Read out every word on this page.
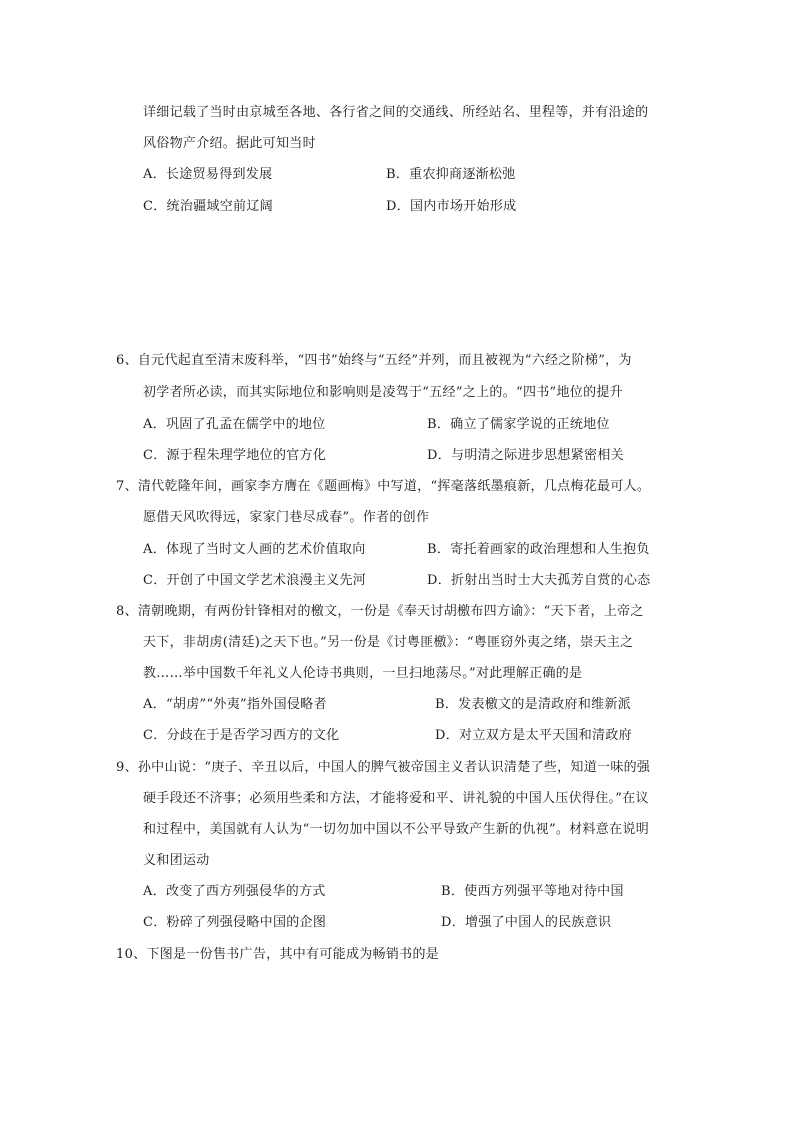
详细记载了当时由京城至各地、各行省之间的交通线、所经站名、里程等，并有沿途的
风俗物产介绍。据此可知当时
A．长途贸易得到发展	B．重农抑商逐渐松弛
C．统治疆域空前辽阔	D．国内市场开始形成
6、自元代起直至清末废科举，“四书”始终与“五经”并列，而且被视为“六经之阶梯”，为
初学者所必读，而其实际地位和影响则是凌驾于“五经”之上的。“四书”地位的提升
A．巩固了孔孟在儒学中的地位	B．确立了儒家学说的正统地位
C．源于程朱理学地位的官方化	D．与明清之际进步思想紧密相关
7、清代乾隆年间，画家李方膺在《题画梅》中写道，“挥毫落纸墨痕新，几点梅花最可人。
愿借天风吹得远，家家门巷尽成春”。作者的创作
A．体现了当时文人画的艺术价值取向	B．寄托着画家的政治理想和人生抱负
C．开创了中国文学艺术浪漫主义先河	D．折射出当时士大夫孤芳自赏的心态
8、清朝晚期，有两份针锋相对的檄文，一份是《奉天讨胡檄布四方谕》：“天下者，上帝之
天下，非胡虏(清廷)之天下也。”另一份是《讨粤匪檄》：“粤匪窃外夷之绪，崇天主之
教……举中国数千年礼义人伦诗书典则，一旦扫地荡尽。”对此理解正确的是
A．“胡虏”“外夷”指外国侵略者	B．发表檄文的是清政府和维新派
C．分歧在于是否学习西方的文化	D．对立双方是太平天国和清政府
9、孙中山说：“庚子、辛丑以后，中国人的脾气被帝国主义者认识清楚了些，知道一味的强
硬手段还不济事；必须用些柔和方法，才能将爱和平、讲礼貌的中国人压伏得住。”在议
和过程中，美国就有人认为“一切勿加中国以不公平导致产生新的仇视”。材料意在说明
义和团运动
A．改变了西方列强侵华的方式	B．使西方列强平等地对待中国
C．粉碎了列强侵略中国的企图	D．增强了中国人的民族意识
10、下图是一份售书广告，其中有可能成为畅销书的是
